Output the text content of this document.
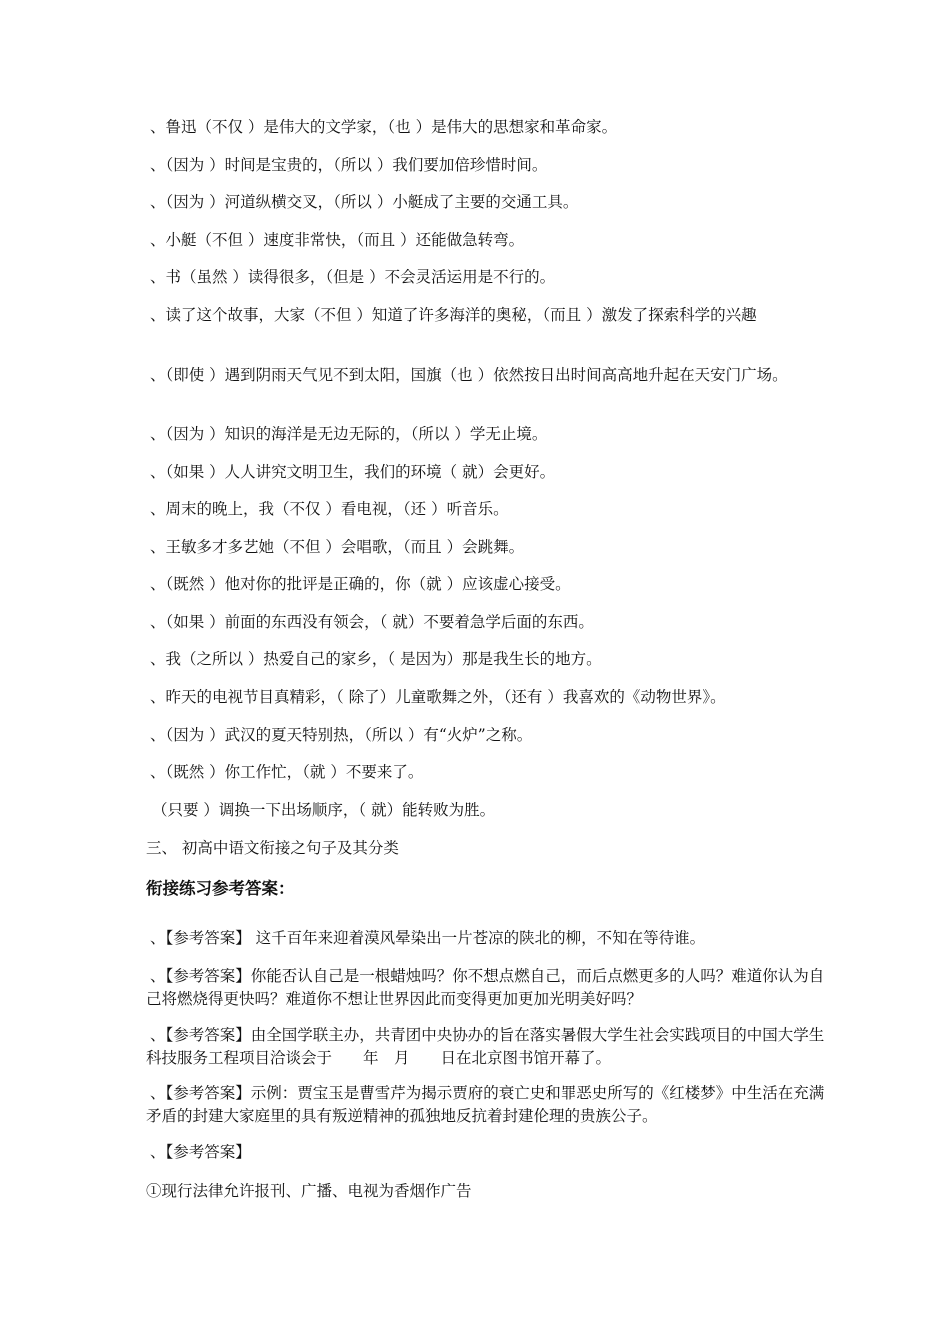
、鲁迅（不仅 ）是伟大的文学家，（也 ）是伟大的思想家和革命家。
、（因为 ）时间是宝贵的，（所以 ）我们要加倍珍惜时间。
、（因为 ）河道纵横交叉，（所以 ）小艇成了主要的交通工具。
、小艇（不但 ）速度非常快，（而且 ）还能做急转弯。
、书（虽然 ）读得很多，（但是 ）不会灵活运用是不行的。
、读了这个故事，大家（不但 ）知道了许多海洋的奥秘，（而且 ）激发了探索科学的兴趣
、（即使 ）遇到阴雨天气见不到太阳，国旗（也 ）依然按日出时间高高地升起在天安门广场。
、（因为 ）知识的海洋是无边无际的，（所以 ）学无止境。
、（如果 ）人人讲究文明卫生，我们的环境（ 就）会更好。
、周末的晚上，我（不仅 ）看电视，（还 ）听音乐。
、王敏多才多艺她（不但 ）会唱歌，（而且 ）会跳舞。
、（既然 ）他对你的批评是正确的，你（就 ）应该虚心接受。
、（如果 ）前面的东西没有领会，（ 就）不要着急学后面的东西。
、我（之所以 ）热爱自己的家乡，（ 是因为）那是我生长的地方。
、昨天的电视节目真精彩，（ 除了）儿童歌舞之外，（还有 ）我喜欢的《动物世界》。
、（因为 ）武汉的夏天特别热，（所以 ）有“火炉”之称。
、（既然 ）你工作忙，（就 ）不要来了。
（只要 ）调换一下出场顺序，（ 就）能转败为胜。
三、 初高中语文衔接之句子及其分类
衔接练习参考答案：
、【参考答案】 这千百年来迎着漠风晕染出一片苍凉的陕北的柳，不知在等待谁。
、【参考答案】你能否认自己是一根蜡烛吗？你不想点燃自己，而后点燃更多的人吗？难道你认为自己将燃烧得更快吗？难道你不想让世界因此而变得更加更加光明美好吗？
、【参考答案】由全国学联主办，共青团中央协办的旨在落实暑假大学生社会实践项目的中国大学生科技服务工程项目洽谈会于　　年　月　　日在北京图书馆开幕了。
、【参考答案】示例：贾宝玉是曹雪芹为揭示贾府的衰亡史和罪恶史所写的《红楼梦》中生活在充满矛盾的封建大家庭里的具有叛逆精神的孤独地反抗着封建伦理的贵族公子。
、【参考答案】
①现行法律允许报刊、广播、电视为香烟作广告
